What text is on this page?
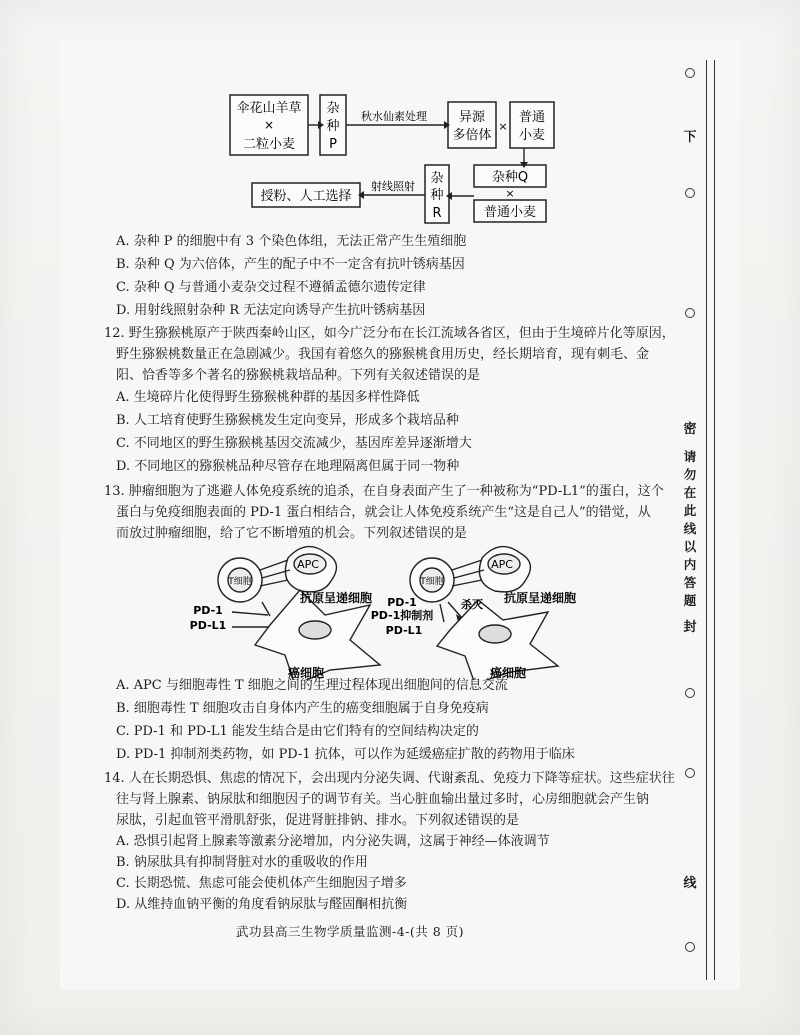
伞花山羊草
×
二粒小麦
杂
种
P
秋水仙素处理 异源
多倍体
×
普通
小麦
杂种Q
×
普通小麦
杂
种
R
射线照射
授粉、人工选择
A. 杂种 P 的细胞中有 3 个染色体组，无法正常产生生殖细胞
B. 杂种 Q 为六倍体，产生的配子中不一定含有抗叶锈病基因
C. 杂种 Q 与普通小麦杂交过程不遵循孟德尔遗传定律
D. 用射线照射杂种 R 无法定向诱导产生抗叶锈病基因
12. 野生猕猴桃原产于陕西秦岭山区，如今广泛分布在长江流域各省区，但由于生境碎片化等原因，
野生猕猴桃数量正在急剧减少。我国有着悠久的猕猴桃食用历史，经长期培育，现有刺毛、金
阳、恰香等多个著名的猕猴桃栽培品种。下列有关叙述错误的是
A. 生境碎片化使得野生猕猴桃种群的基因多样性降低
B. 人工培育使野生猕猴桃发生定向变异，形成多个栽培品种
C. 不同地区的野生猕猴桃基因交流减少，基因库差异逐渐增大
D. 不同地区的猕猴桃品种尽管存在地理隔离但属于同一物种
13. 肿瘤细胞为了逃避人体免疫系统的追杀，在自身表面产生了一种被称为“PD-L1”的蛋白，这个
蛋白与免疫细胞表面的 PD-1 蛋白相结合，就会让人体免疫系统产生“这是自己人”的错觉，从
而放过肿瘤细胞，给了它不断增殖的机会。下列叙述错误的是
APC
T细胞
抗原呈递细胞
PD-1
PD-L1
癌细胞
APC
T细胞
抗原呈递细胞
PD-1
PD-1抑制剂
杀灭
PD-L1
癌细胞
A. APC 与细胞毒性 T 细胞之间的生理过程体现出细胞间的信息交流
B. 细胞毒性 T 细胞攻击自身体内产生的癌变细胞属于自身免疫病
C. PD-1 和 PD-L1 能发生结合是由它们特有的空间结构决定的
D. PD-1 抑制剂类药物，如 PD-1 抗体，可以作为延缓癌症扩散的药物用于临床
14. 人在长期恐惧、焦虑的情况下，会出现内分泌失调、代谢紊乱、免疫力下降等症状。这些症状往
往与肾上腺素、钠尿肽和细胞因子的调节有关。当心脏血输出量过多时，心房细胞就会产生钠
尿肽，引起血管平滑肌舒张，促进肾脏排钠、排水。下列叙述错误的是
A. 恐惧引起肾上腺素等激素分泌增加，内分泌失调，这属于神经—体液调节
B. 钠尿肽具有抑制肾脏对水的重吸收的作用
C. 长期恐慌、焦虑可能会使机体产生细胞因子增多
D. 从维持血钠平衡的角度看钠尿肽与醛固酮相抗衡
武功县高三生物学质量监测-4-(共 8 页)
下
密
请
勿
在
此
线
以
内
答
题
封
线
